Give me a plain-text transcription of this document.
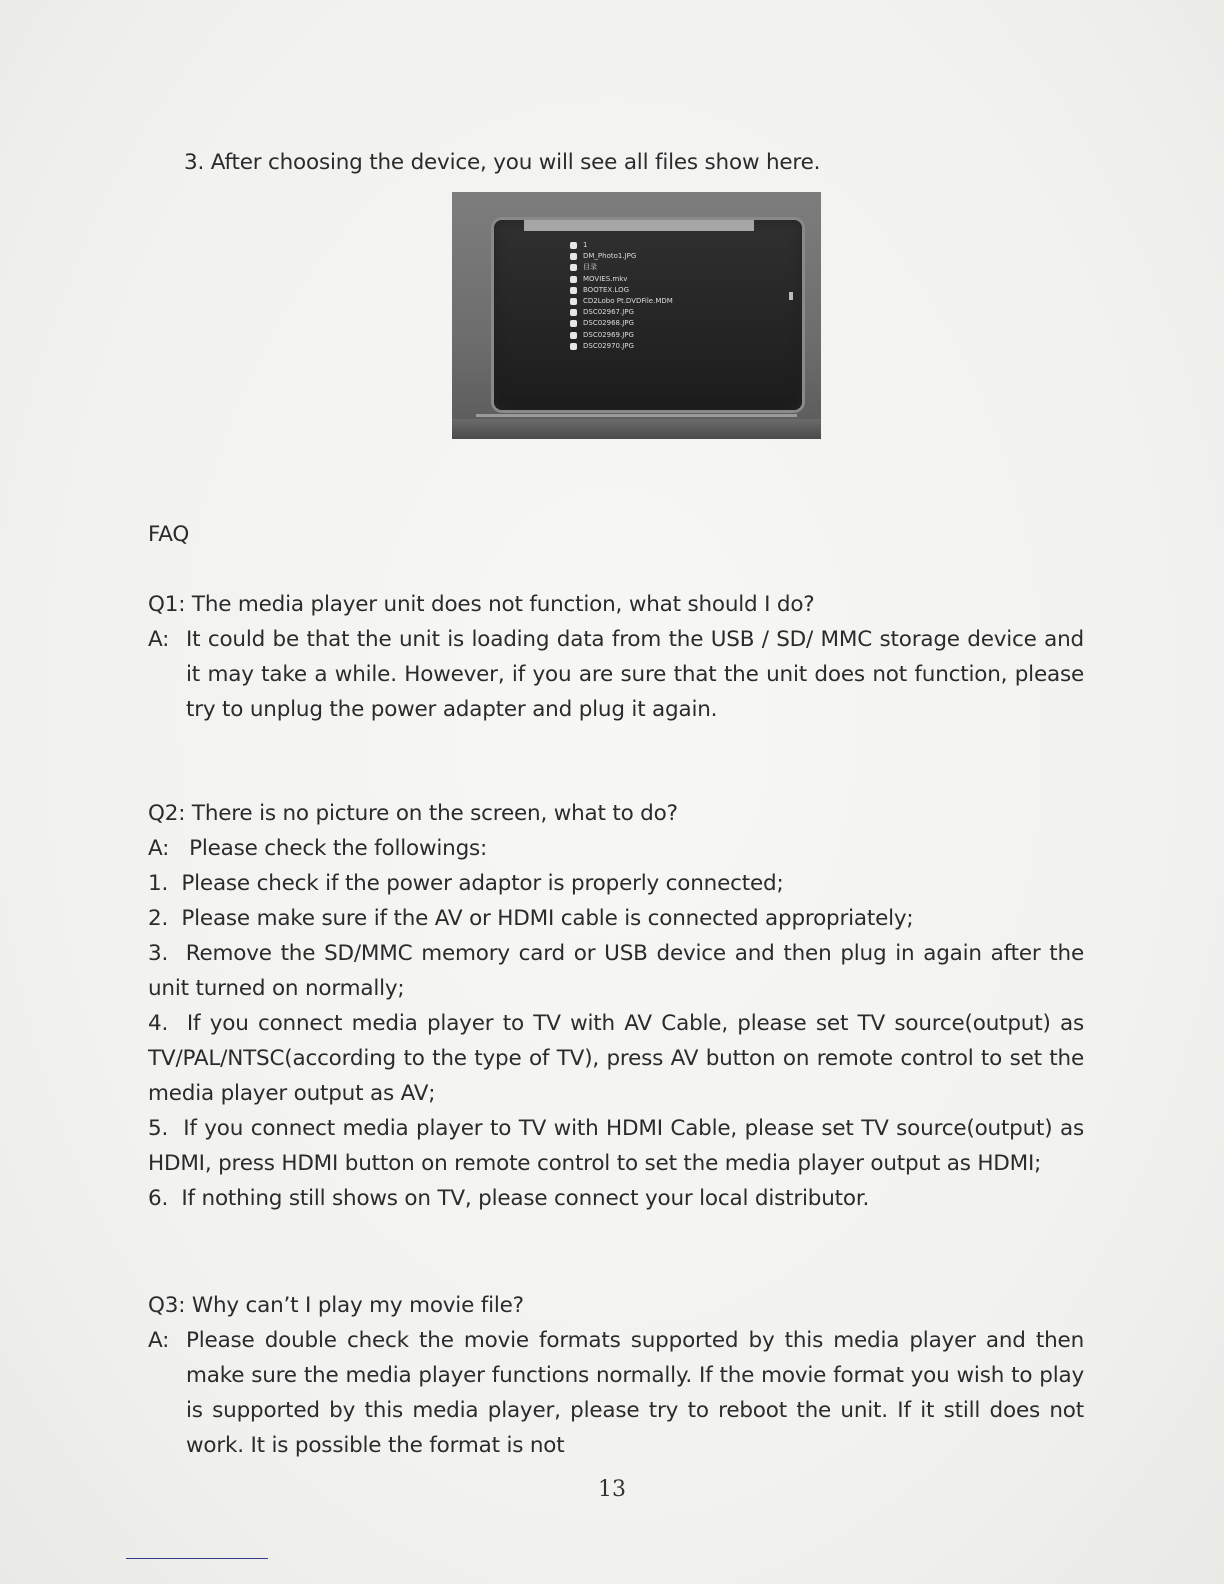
3. After choosing the device, you will see all files show here.
1
DM_Photo1.JPG
目录
MOVIES.mkv
BOOTEX.LOG
CD2Lobo Pt.DVDFile.MDM
DSC02967.JPG
DSC02968.JPG
DSC02969.JPG
DSC02970.JPG
FAQ
Q1: The media player unit does not function, what should I do?
A: It could be that the unit is loading data from the USB / SD/ MMC storage device and it may take a while. However, if you are sure that the unit does not function, please try to unplug the power adapter and plug it again.
Q2: There is no picture on the screen, what to do?
A:   Please check the followings:
1.  Please check if the power adaptor is properly connected;
2.  Please make sure if the AV or HDMI cable is connected appropriately;
3.  Remove the SD/MMC memory card or USB device and then plug in again after the unit turned on normally;
4.  If you connect media player to TV with AV Cable, please set TV source(output) as TV/PAL/NTSC(according to the type of TV), press AV button on remote control to set the media player output as AV;
5.  If you connect media player to TV with HDMI Cable, please set TV source(output) as HDMI, press HDMI button on remote control to set the media player output as HDMI;
6.  If nothing still shows on TV, please connect your local distributor.
Q3: Why can’t I play my movie file?
A: Please double check the movie formats supported by this media player and then make sure the media player functions normally. If the movie format you wish to play is supported by this media player, please try to reboot the unit. If it still does not work. It is possible the format is not
13
